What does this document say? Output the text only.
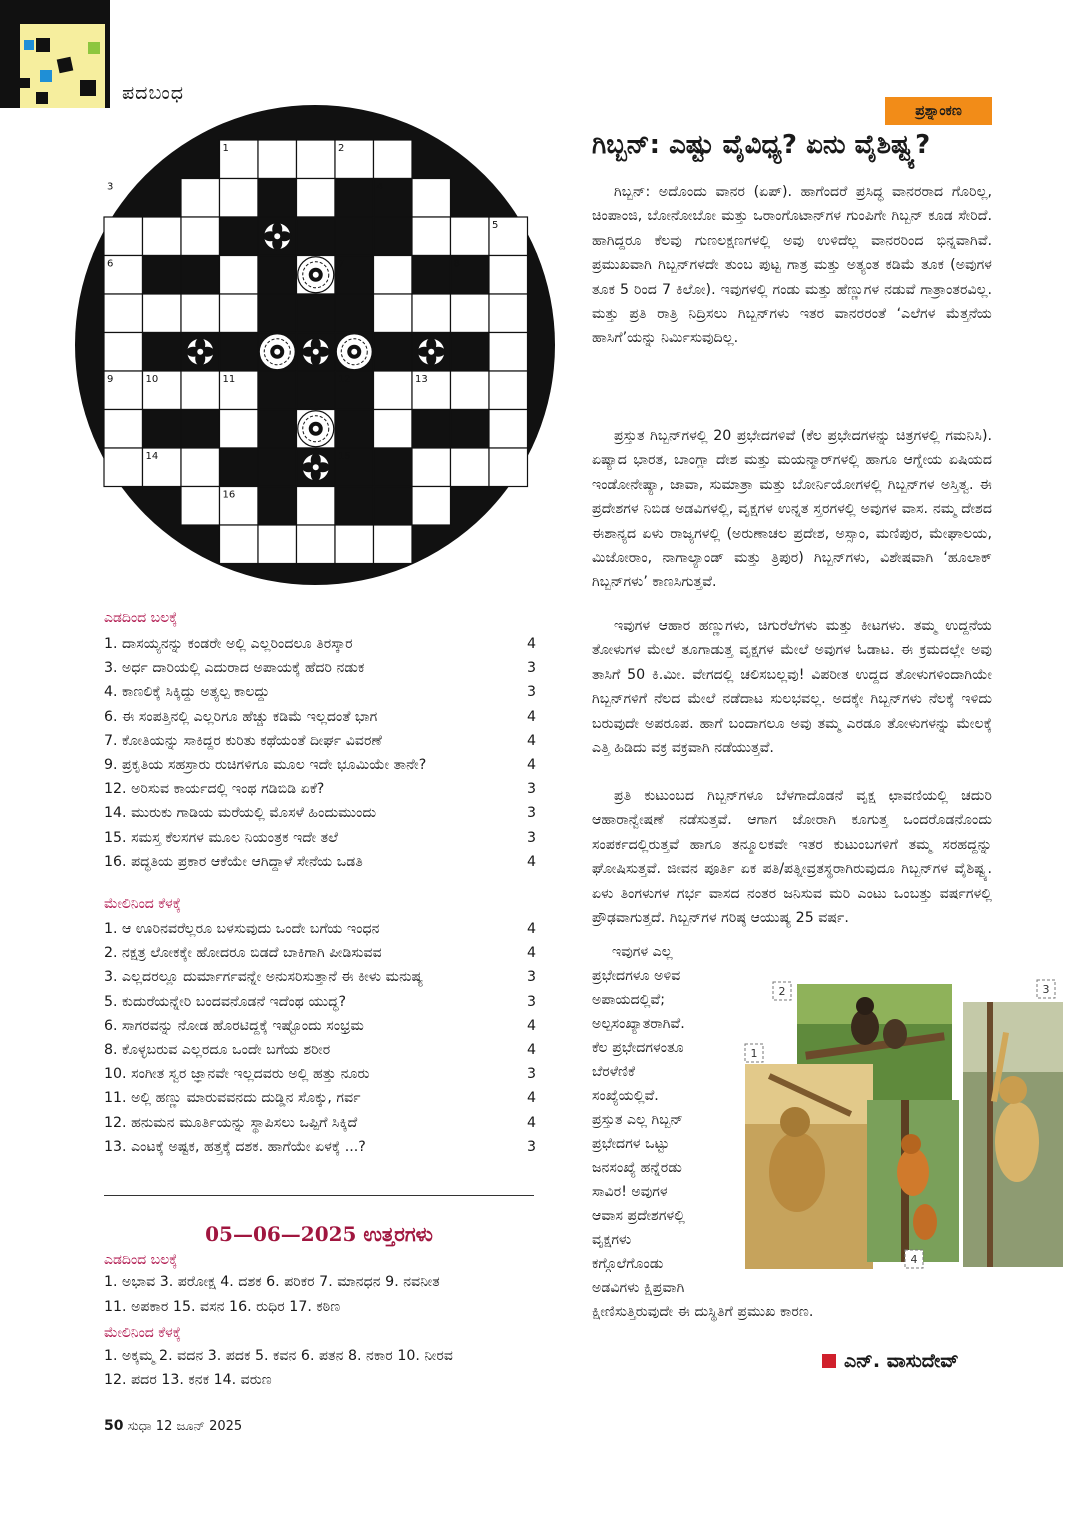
ಪದಬಂಧ
1	2
3	4
5
6	7	8
9	10	11	12	13
14	15
16
ಎಡದಿಂದ ಬಲಕ್ಕೆ
1. ದಾಸಯ್ಯನನ್ನು ಕಂಡರೇ ಅಲ್ಲಿ ಎಲ್ಲರಿಂದಲೂ ತಿರಸ್ಕಾರ	4
3. ಅರ್ಧ ದಾರಿಯಲ್ಲಿ ಎದುರಾದ ಅಪಾಯಕ್ಕೆ ಹೆದರಿ ನಡುಕ	3
4. ಕಾಣಲಿಕ್ಕೆ ಸಿಕ್ಕಿದ್ದು ಅತ್ಯಲ್ಪ ಕಾಲದ್ದು	3
6. ಈ ಸಂಪತ್ತಿನಲ್ಲಿ ಎಲ್ಲರಿಗೂ ಹೆಚ್ಚು ಕಡಿಮೆ ಇಲ್ಲದಂತೆ ಭಾಗ	4
7. ಕೋತಿಯನ್ನು ಸಾಕಿದ್ದರ ಕುರಿತು ಕಥೆಯಂತೆ ದೀರ್ಘ ವಿವರಣೆ	4
9. ಪ್ರಕೃತಿಯ ಸಹಸ್ರಾರು ರುಚಿಗಳಿಗೂ ಮೂಲ ಇದೇ ಭೂಮಿಯೇ ತಾನೇ?	4
12. ಅರಿಸುವ ಕಾರ್ಯದಲ್ಲಿ ಇಂಥ ಗಡಿಬಿಡಿ ಏಕೆ?	3
14. ಮುರುಕು ಗಾಡಿಯ ಮರೆಯಲ್ಲಿ ಮೊಸಳೆ ಹಿಂದುಮುಂದು	3
15. ಸಮಸ್ತ ಕೆಲಸಗಳ ಮೂಲ ನಿಯಂತ್ರಕ ಇದೇ ತಲೆ	3
16. ಪದ್ಧತಿಯ ಪ್ರಕಾರ ಆಕೆಯೇ ಆಗಿದ್ದಾಳೆ ಸೇನೆಯ ಒಡತಿ	4
ಮೇಲಿನಿಂದ ಕೆಳಕ್ಕೆ
1. ಆ ಊರಿನವರೆಲ್ಲರೂ ಬಳಸುವುದು ಒಂದೇ ಬಗೆಯ ಇಂಧನ	4
2. ನಕ್ಷತ್ರ ಲೋಕಕ್ಕೇ ಹೋದರೂ ಬಿಡದೆ ಬಾಕಿಗಾಗಿ ಪೀಡಿಸುವವ	4
3. ಎಲ್ಲದರಲ್ಲೂ ದುರ್ಮಾರ್ಗವನ್ನೇ ಅನುಸರಿಸುತ್ತಾನೆ ಈ ಕೀಳು ಮನುಷ್ಯ	3
5. ಕುದುರೆಯನ್ನೇರಿ ಬಂದವನೊಡನೆ ಇದೆಂಥ ಯುದ್ಧ?	3
6. ಸಾಗರವನ್ನು ನೋಡ ಹೊರಟಿದ್ದಕ್ಕೆ ಇಷ್ಟೊಂದು ಸಂಭ್ರಮ	4
8. ಕೊಳ್ಳಬರುವ ಎಲ್ಲರದೂ ಒಂದೇ ಬಗೆಯ ಶರೀರ	4
10. ಸಂಗೀತ ಸ್ವರ ಜ್ಞಾನವೇ ಇಲ್ಲದವರು ಅಲ್ಲಿ ಹತ್ತು ನೂರು	3
11. ಅಲ್ಲಿ ಹಣ್ಣು ಮಾರುವವನದು ದುಡ್ಡಿನ ಸೊಕ್ಕು, ಗರ್ವ	4
12. ಹನುಮನ ಮೂರ್ತಿಯನ್ನು ಸ್ಥಾಪಿಸಲು ಒಪ್ಪಿಗೆ ಸಿಕ್ಕಿದೆ	4
13. ಎಂಟಕ್ಕೆ ಅಷ್ಟಕ, ಹತ್ತಕ್ಕೆ ದಶಕ. ಹಾಗೆಯೇ ಏಳಕ್ಕೆ ...?	3
05—06—2025 ಉತ್ತರಗಳು
ಎಡದಿಂದ ಬಲಕ್ಕೆ
1. ಅಭಾವ 3. ಪರೋಕ್ಷ 4. ದಶಕ 6. ಪರಿಕರ 7. ಮಾನಧನ 9. ನವನೀತ
11. ಅಪಕಾರ 15. ವಸನ 16. ರುಧಿರ 17. ಕಠಿಣ
ಮೇಲಿನಿಂದ ಕೆಳಕ್ಕೆ
1. ಅಕ್ಕಮ್ಮ 2. ವದನ 3. ಪದಕ 5. ಕವನ 6. ಪತನ 8. ನಕಾರ 10. ನೀರವ
12. ಪದರ 13. ಕನಕ 14. ವರುಣ
50 ಸುಧಾ 12 ಜೂನ್ 2025
ಪ್ರಶ್ನಾಂಕಣ
ಗಿಬ್ಬನ್: ಎಷ್ಟು ವೈವಿಧ್ಯ? ಏನು ವೈಶಿಷ್ಟ್ಯ?
ಗಿಬ್ಬನ್: ಅದೊಂದು ವಾನರ (ಏಪ್). ಹಾಗೆಂದರೆ ಪ್ರಸಿದ್ಧ ವಾನರರಾದ ಗೊರಿಲ್ಲ, ಚಿಂಪಾಂಜಿ, ಬೋನೋಬೋ ಮತ್ತು ಒರಾಂಗೊಟಾನ್‌ಗಳ ಗುಂಪಿಗೇ ಗಿಬ್ಬನ್ ಕೂಡ ಸೇರಿದೆ. ಹಾಗಿದ್ದರೂ ಕೆಲವು ಗುಣಲಕ್ಷಣಗಳಲ್ಲಿ ಅವು ಉಳಿದೆಲ್ಲ ವಾನರರಿಂದ ಭಿನ್ನವಾಗಿವೆ. ಪ್ರಮುಖವಾಗಿ ಗಿಬ್ಬನ್‌ಗಳದೇ ತುಂಬ ಪುಟ್ಟ ಗಾತ್ರ ಮತ್ತು ಅತ್ಯಂತ ಕಡಿಮೆ ತೂಕ (ಅವುಗಳ ತೂಕ 5 ರಿಂದ 7 ಕಿಲೋ). ಇವುಗಳಲ್ಲಿ ಗಂಡು ಮತ್ತು ಹೆಣ್ಣುಗಳ ನಡುವೆ ಗಾತ್ರಾಂತರವಿಲ್ಲ. ಮತ್ತು ಪ್ರತಿ ರಾತ್ರಿ ನಿದ್ರಿಸಲು ಗಿಬ್ಬನ್‌ಗಳು ಇತರ ವಾನರರಂತೆ ‘ಎಲೆಗಳ ಮೆತ್ತನೆಯ ಹಾಸಿಗೆ’ಯನ್ನು ನಿರ್ಮಿಸುವುದಿಲ್ಲ.
ಪ್ರಸ್ತುತ ಗಿಬ್ಬನ್‌ಗಳಲ್ಲಿ 20 ಪ್ರಭೇದಗಳಿವೆ (ಕೆಲ ಪ್ರಭೇದಗಳನ್ನು ಚಿತ್ರಗಳಲ್ಲಿ ಗಮನಿಸಿ). ಏಷ್ಯಾದ ಭಾರತ, ಬಾಂಗ್ಲಾ ದೇಶ ಮತ್ತು ಮಯನ್ಮಾರ್‌ಗಳಲ್ಲಿ ಹಾಗೂ ಆಗ್ನೇಯ ಏಷಿಯದ ಇಂಡೋನೇಷ್ಯಾ, ಜಾವಾ, ಸುಮಾತ್ರಾ ಮತ್ತು ಬೋರ್ನಿಯೋಗಳಲ್ಲಿ ಗಿಬ್ಬನ್‌ಗಳ ಅಸ್ತಿತ್ವ. ಈ ಪ್ರದೇಶಗಳ ನಿಬಿಡ ಅಡವಿಗಳಲ್ಲಿ, ವೃಕ್ಷಗಳ ಉನ್ನತ ಸ್ತರಗಳಲ್ಲಿ ಅವುಗಳ ವಾಸ. ನಮ್ಮ ದೇಶದ ಈಶಾನ್ಯದ ಏಳು ರಾಜ್ಯಗಳಲ್ಲಿ (ಅರುಣಾಚಲ ಪ್ರದೇಶ, ಅಸ್ಸಾಂ, ಮಣಿಪುರ, ಮೇಘಾಲಯ, ಮಿಜೋರಾಂ, ನಾಗಾಲ್ಯಾಂಡ್ ಮತ್ತು ತ್ರಿಪುರ) ಗಿಬ್ಬನ್‌ಗಳು, ವಿಶೇಷವಾಗಿ ‘ಹೂಲಾಕ್ ಗಿಬ್ಬನ್‌ಗಳು’ ಕಾಣಸಿಗುತ್ತವೆ.
ಇವುಗಳ ಆಹಾರ ಹಣ್ಣುಗಳು, ಚಿಗುರೆಲೆಗಳು ಮತ್ತು ಕೀಟಗಳು. ತಮ್ಮ ಉದ್ದನೆಯ ತೋಳುಗಳ ಮೇಲೆ ತೂಗಾಡುತ್ತ ವೃಕ್ಷಗಳ ಮೇಲೆ ಅವುಗಳ ಓಡಾಟ. ಈ ಕ್ರಮದಲ್ಲೇ ಅವು ತಾಸಿಗೆ 50 ಕಿ.ಮೀ. ವೇಗದಲ್ಲಿ ಚಲಿಸಬಲ್ಲವು! ವಿಪರೀತ ಉದ್ದದ ತೋಳುಗಳಿಂದಾಗಿಯೇ ಗಿಬ್ಬನ್‌ಗಳಿಗೆ ನೆಲದ ಮೇಲೆ ನಡೆದಾಟ ಸುಲಭವಲ್ಲ. ಅದಕ್ಕೇ ಗಿಬ್ಬನ್‌ಗಳು ನೆಲಕ್ಕೆ ಇಳಿದು ಬರುವುದೇ ಅಪರೂಪ. ಹಾಗೆ ಬಂದಾಗಲೂ ಅವು ತಮ್ಮ ಎರಡೂ ತೋಳುಗಳನ್ನು ಮೇಲಕ್ಕೆ ಎತ್ತಿ ಹಿಡಿದು ವಕ್ರ ವಕ್ರವಾಗಿ ನಡೆಯುತ್ತವೆ.
ಪ್ರತಿ ಕುಟುಂಬದ ಗಿಬ್ಬನ್‌ಗಳೂ ಬೆಳಗಾದೊಡನೆ ವೃಕ್ಷ ಛಾವಣಿಯಲ್ಲಿ ಚದುರಿ ಆಹಾರಾನ್ವೇಷಣೆ ನಡೆಸುತ್ತವೆ. ಆಗಾಗ ಜೋರಾಗಿ ಕೂಗುತ್ತ ಒಂದರೊಡನೊಂದು ಸಂಪರ್ಕದಲ್ಲಿರುತ್ತವೆ ಹಾಗೂ ತನ್ಮೂಲಕವೇ ಇತರ ಕುಟುಂಬಗಳಿಗೆ ತಮ್ಮ ಸರಹದ್ದನ್ನು ಘೋಷಿಸುತ್ತವೆ. ಜೀವನ ಪೂರ್ತಿ ಏಕ ಪತಿ/ಪತ್ನೀವ್ರತಸ್ಥರಾಗಿರುವುದೂ ಗಿಬ್ಬನ್‌ಗಳ ವೈಶಿಷ್ಟ್ಯ. ಏಳು ತಿಂಗಳುಗಳ ಗರ್ಭ ವಾಸದ ನಂತರ ಜನಿಸುವ ಮರಿ ಎಂಟು ಒಂಬತ್ತು ವರ್ಷಗಳಲ್ಲಿ ಪ್ರೌಢವಾಗುತ್ತದೆ. ಗಿಬ್ಬನ್‌ಗಳ ಗರಿಷ್ಠ ಆಯುಷ್ಯ 25 ವರ್ಷ.
ಇವುಗಳ ಎಲ್ಲ
ಪ್ರಭೇದಗಳೂ ಅಳಿವ
ಅಪಾಯದಲ್ಲಿವೆ;
ಅಲ್ಪಸಂಖ್ಯಾತರಾಗಿವೆ.
ಕೆಲ ಪ್ರಭೇದಗಳಂತೂ
ಬೆರಳೆಣಿಕೆ
ಸಂಖ್ಯೆಯಲ್ಲಿವೆ.
ಪ್ರಸ್ತುತ ಎಲ್ಲ ಗಿಬ್ಬನ್
ಪ್ರಭೇದಗಳ ಒಟ್ಟು
ಜನಸಂಖ್ಯೆ ಹನ್ನೆರಡು
ಸಾವಿರ! ಅವುಗಳ
ಆವಾಸ ಪ್ರದೇಶಗಳಲ್ಲಿ
ವೃಕ್ಷಗಳು
ಕಗ್ಗೊಲೆಗೊಂಡು
ಅಡವಿಗಳು ಕ್ಷಿಪ್ರವಾಗಿ
ಕ್ಷೀಣಿಸುತ್ತಿರುವುದೇ ಈ ದುಸ್ಥಿತಿಗೆ ಪ್ರಮುಖ ಕಾರಣ.
1
2	3
4
ಎನ್. ವಾಸುದೇವ್
